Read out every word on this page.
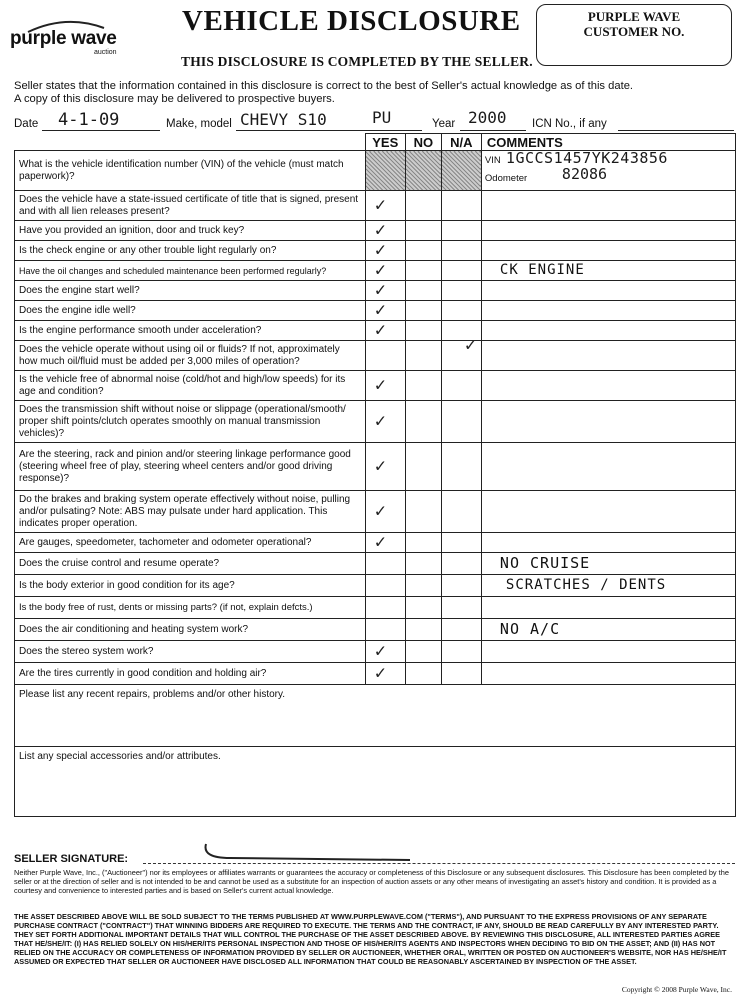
purple wave
auction
VEHICLE DISCLOSURE
THIS DISCLOSURE IS COMPLETED BY THE SELLER.
PURPLE WAVE
CUSTOMER NO.
Seller states that the information contained in this disclosure is correct to the best of Seller's actual knowledge as of this date.
A copy of this disclosure may be delivered to prospective buyers.
Date 4-1-09	Make, model CHEVY S10	PU	Year 2000 ICN No., if any
	YES	NO	N/A	COMMENTS
What is the vehicle identification number (VIN) of the vehicle (must match paperwork)?				VIN 1GCCS1457YK243856
Odometer 82086

Does the vehicle have a state-issued certificate of title that is signed, present and with all lien releases present?	✓			

Have you provided an ignition, door and truck key?	✓			

Is the check engine or any other trouble light regularly on?	✓			

Have the oil changes and scheduled maintenance been performed regularly?	✓			CK ENGINE

Does the engine start well?	✓			

Does the engine idle well?	✓			

Is the engine performance smooth under acceleration?	✓			

Does the vehicle operate without using oil or fluids? If not, approximately how much oil/fluid must be added per 3,000 miles of operation?			✓	

Is the vehicle free of abnormal noise (cold/hot and high/low speeds) for its age and condition?	✓			

Does the transmission shift without noise or slippage (operational/smooth/ proper shift points/clutch operates smoothly on manual transmission vehicles)?	✓			

Are the steering, rack and pinion and/or steering linkage performance good (steering wheel free of play, steering wheel centers and/or good driving response)?	✓			

Do the brakes and braking system operate effectively without noise, pulling and/or pulsating? Note: ABS may pulsate under hard application. This indicates proper operation.	✓			

Are gauges, speedometer, tachometer and odometer operational?	✓			

Does the cruise control and resume operate?				NO CRUISE

Is the body exterior in good condition for its age?				SCRATCHES / DENTS

Is the body free of rust, dents or missing parts? (if not, explain defcts.)				
Does the air conditioning and heating system work?				NO A/C

Does the stereo system work?	✓			

Are the tires currently in good condition and holding air?	✓			

Please list any recent repairs, problems and/or other history.				
List any special accessories and/or attributes.				
SELLER SIGNATURE:
Neither Purple Wave, Inc., ("Auctioneer") nor its employees or affiliates warrants or guarantees the accuracy or completeness of this Disclosure or any subsequent disclosures. This Disclosure has been completed by the seller or at the direction of seller and is not intended to be and cannot be used as a substitute for an inspection of auction assets or any other means of investigating an asset's history and condition. It is provided as a courtesy and convenience to interested parties and is based on Seller's current actual knowledge.
THE ASSET DESCRIBED ABOVE WILL BE SOLD SUBJECT TO THE TERMS PUBLISHED AT WWW.PURPLEWAVE.COM ("TERMS"), AND PURSUANT TO THE EXPRESS PROVISIONS OF ANY SEPARATE PURCHASE CONTRACT ("CONTRACT") THAT WINNING BIDDERS ARE REQUIRED TO EXECUTE. THE TERMS AND THE CONTRACT, IF ANY, SHOULD BE READ CAREFULLY BY ANY INTERESTED PARTY. THEY SET FORTH ADDITIONAL IMPORTANT DETAILS THAT WILL CONTROL THE PURCHASE OF THE ASSET DESCRIBED ABOVE. BY REVIEWING THIS DISCLOSURE, ALL INTERESTED PARTIES AGREE THAT HE/SHE/IT: (I) HAS RELIED SOLELY ON HIS/HER/ITS PERSONAL INSPECTION AND THOSE OF HIS/HER/ITS AGENTS AND INSPECTORS WHEN DECIDING TO BID ON THE ASSET; AND (II) HAS NOT RELIED ON THE ACCURACY OR COMPLETENESS OF INFORMATION PROVIDED BY SELLER OR AUCTIONEER, WHETHER ORAL, WRITTEN OR POSTED ON AUCTIONEER'S WEBSITE, NOR HAS HE/SHE/IT ASSUMED OR EXPECTED THAT SELLER OR AUCTIONEER HAVE DISCLOSED ALL INFORMATION THAT COULD BE REASONABLY ASCERTAINED BY INSPECTION OF THE ASSET.
Copyright © 2008 Purple Wave, Inc.
